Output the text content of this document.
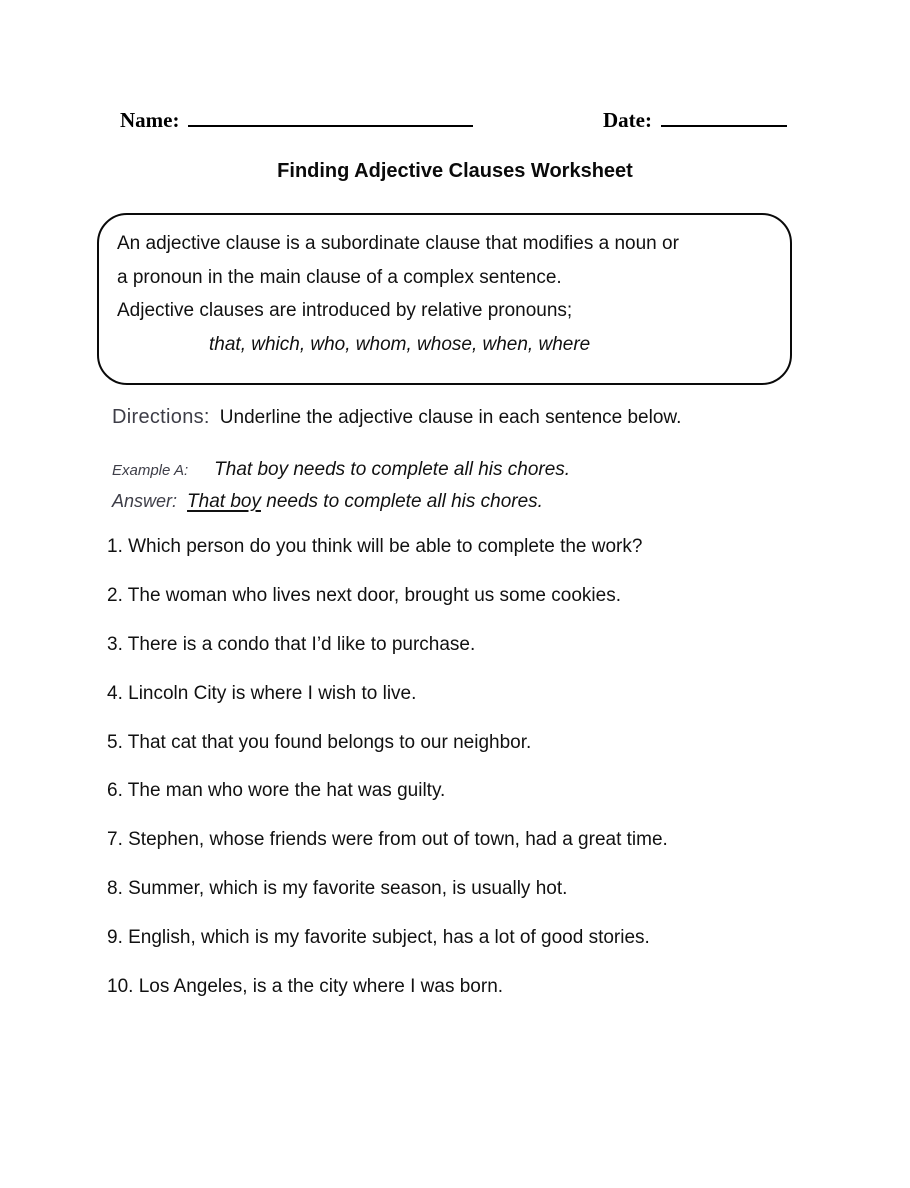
Name:	Date:
Finding Adjective Clauses Worksheet
An adjective clause is a subordinate clause that modifies a noun or
a pronoun in the main clause of a complex sentence.
Adjective clauses are introduced by relative pronouns;
that, which, who, whom, whose, when, where
Directions: Underline the adjective clause in each sentence below.
Example A: That boy needs to complete all his chores.
Answer: That boy needs to complete all his chores.
1. Which person do you think will be able to complete the work?
2. The woman who lives next door, brought us some cookies.
3. There is a condo that I’d like to purchase.
4. Lincoln City is where I wish to live.
5. That cat that you found belongs to our neighbor.
6. The man who wore the hat was guilty.
7. Stephen, whose friends were from out of town, had a great time.
8. Summer, which is my favorite season, is usually hot.
9. English, which is my favorite subject, has a lot of good stories.
10. Los Angeles, is a the city where I was born.
